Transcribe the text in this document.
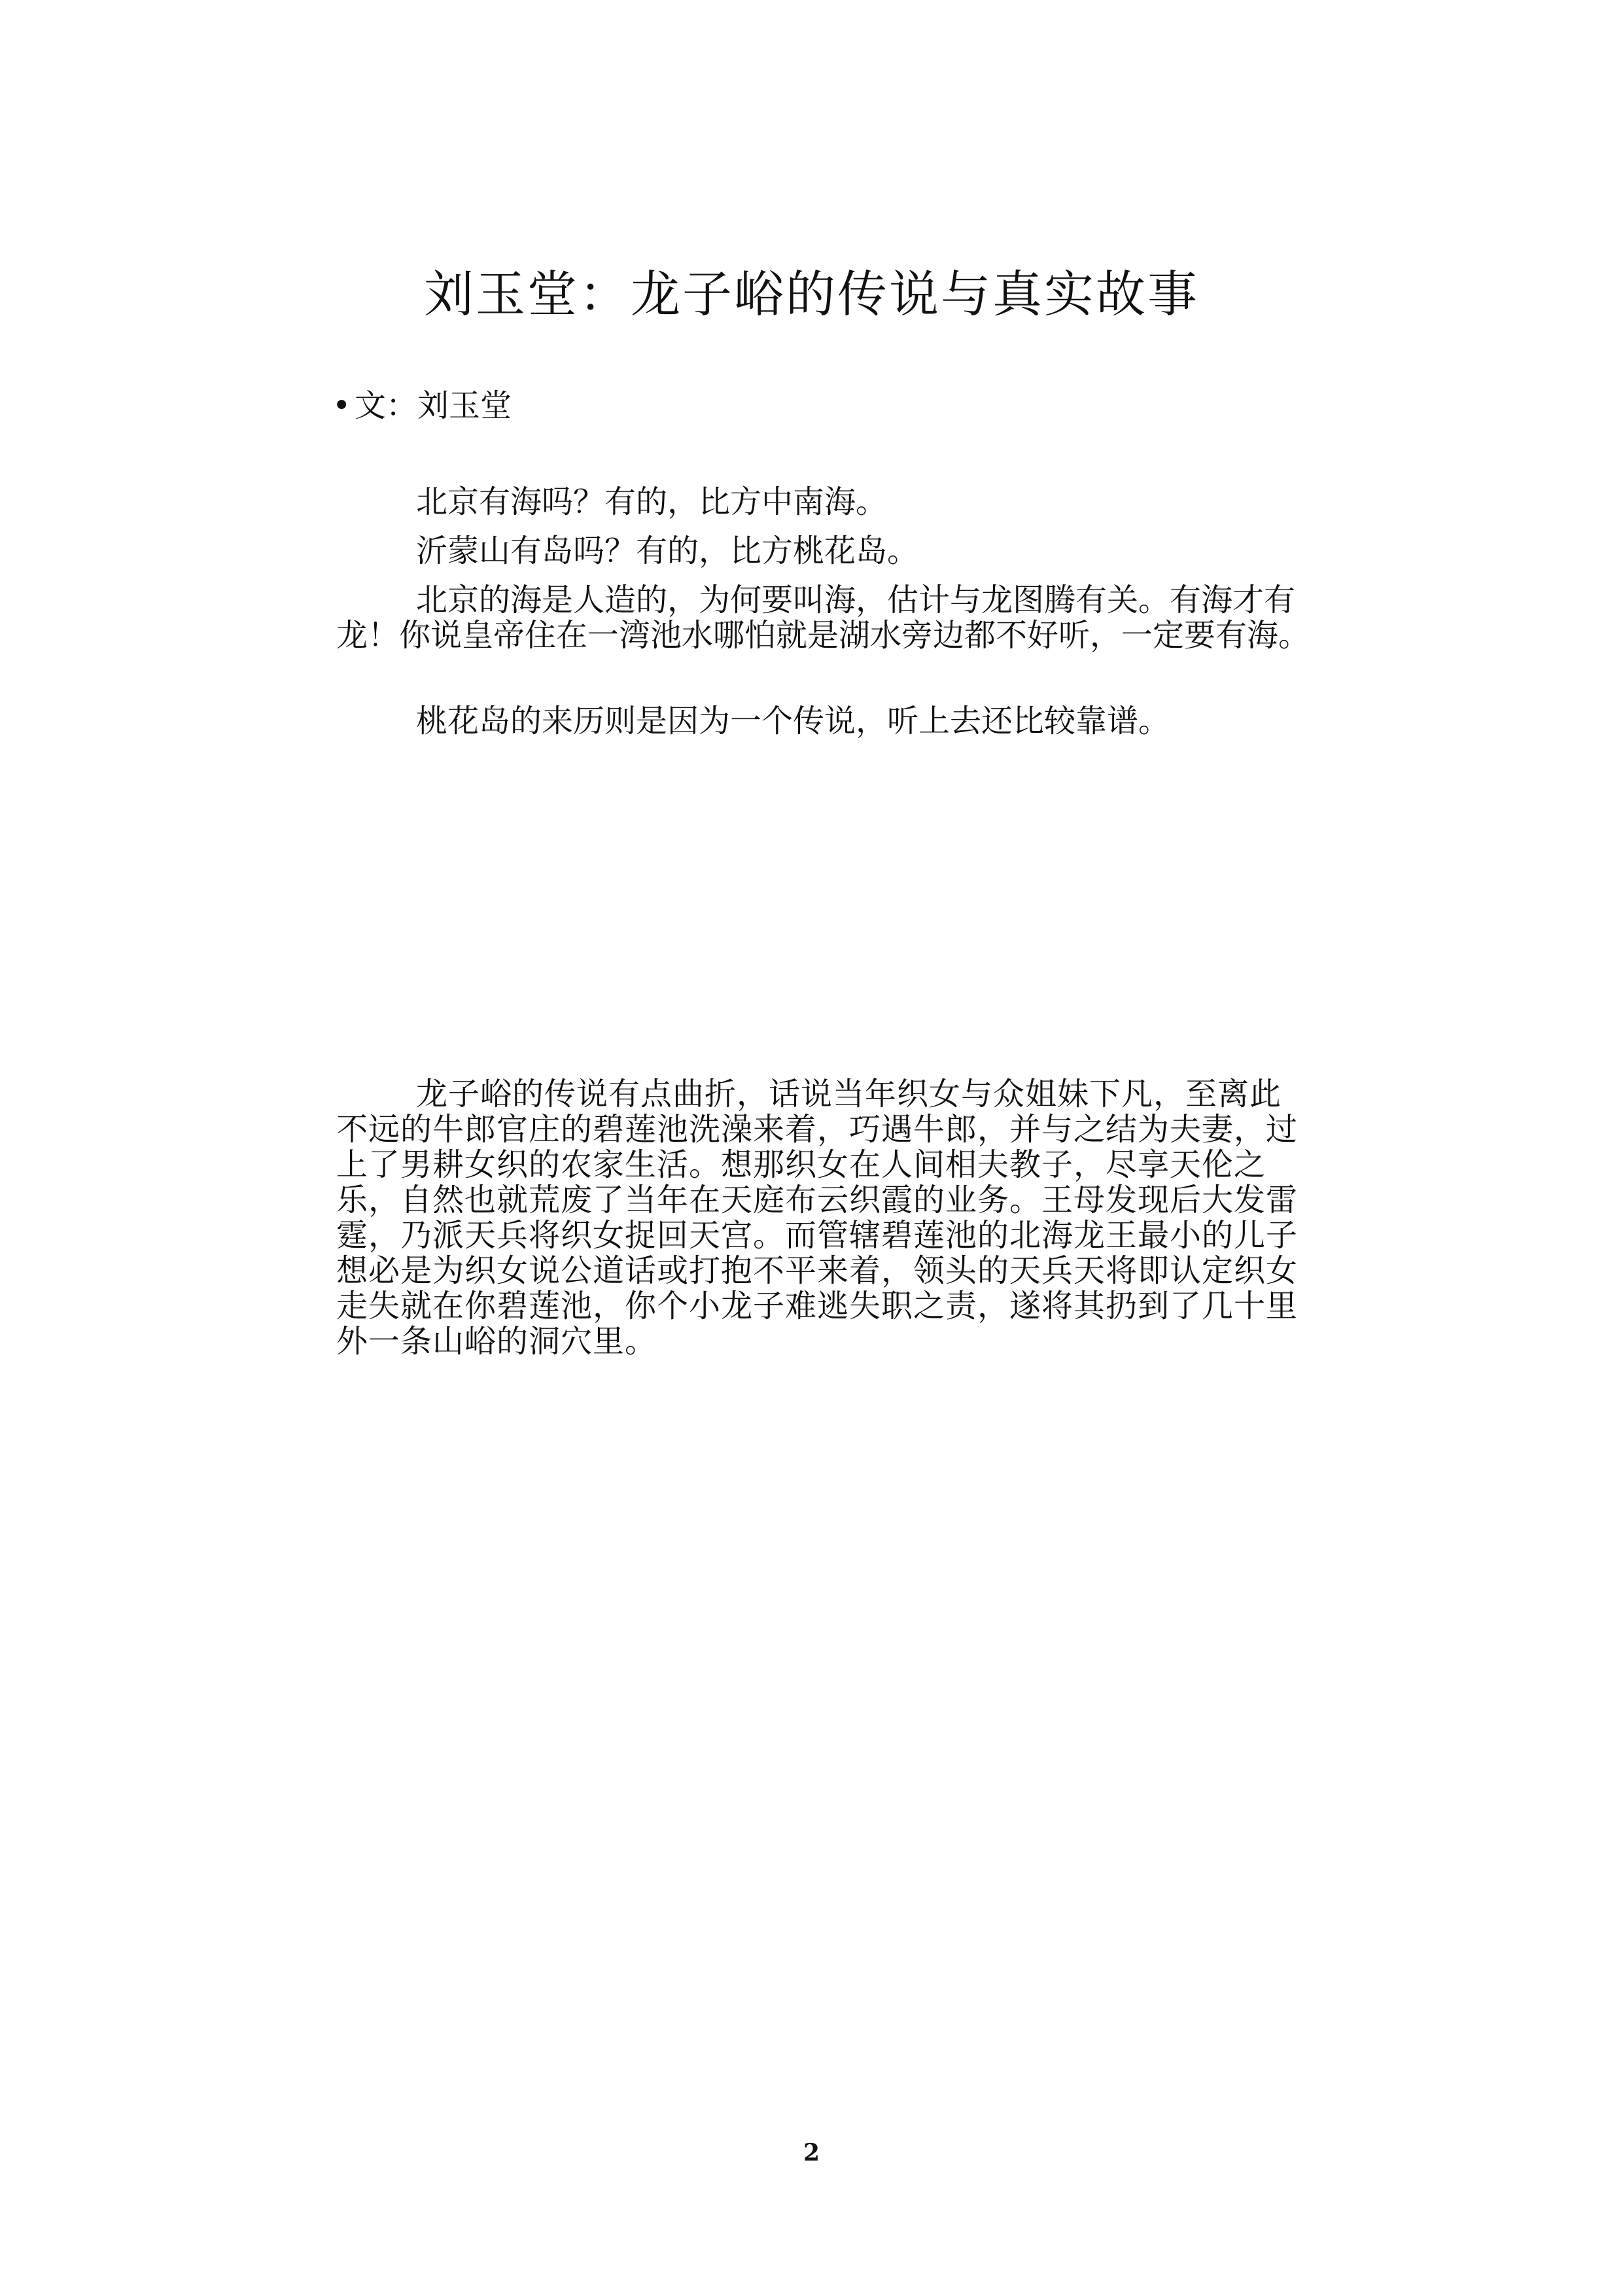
刘玉堂：龙子峪的传说与真实故事
• 文：刘玉堂

北京有海吗？有的，比方中南海。

沂蒙山有岛吗？有的，比方桃花岛。

北京的海是人造的，为何要叫海，估计与龙图腾有关。有海才有龙！你说皇帝住在一湾池水哪怕就是湖水旁边都不好听，一定要有海。

桃花岛的来历则是因为一个传说，听上去还比较靠谱。

龙子峪的传说有点曲折，话说当年织女与众姐妹下凡，至离此不远的牛郎官庄的碧莲池洗澡来着，巧遇牛郎，并与之结为夫妻，过上了男耕女织的农家生活。想那织女在人间相夫教子，尽享天伦之乐，自然也就荒废了当年在天庭布云织霞的业务。王母发现后大发雷霆，乃派天兵将织女捉回天宫。而管辖碧莲池的北海龙王最小的儿子想必是为织女说公道话或打抱不平来着，领头的天兵天将即认定织女走失就在你碧莲池，你个小龙子难逃失职之责，遂将其扔到了几十里外一条山峪的洞穴里。

2
